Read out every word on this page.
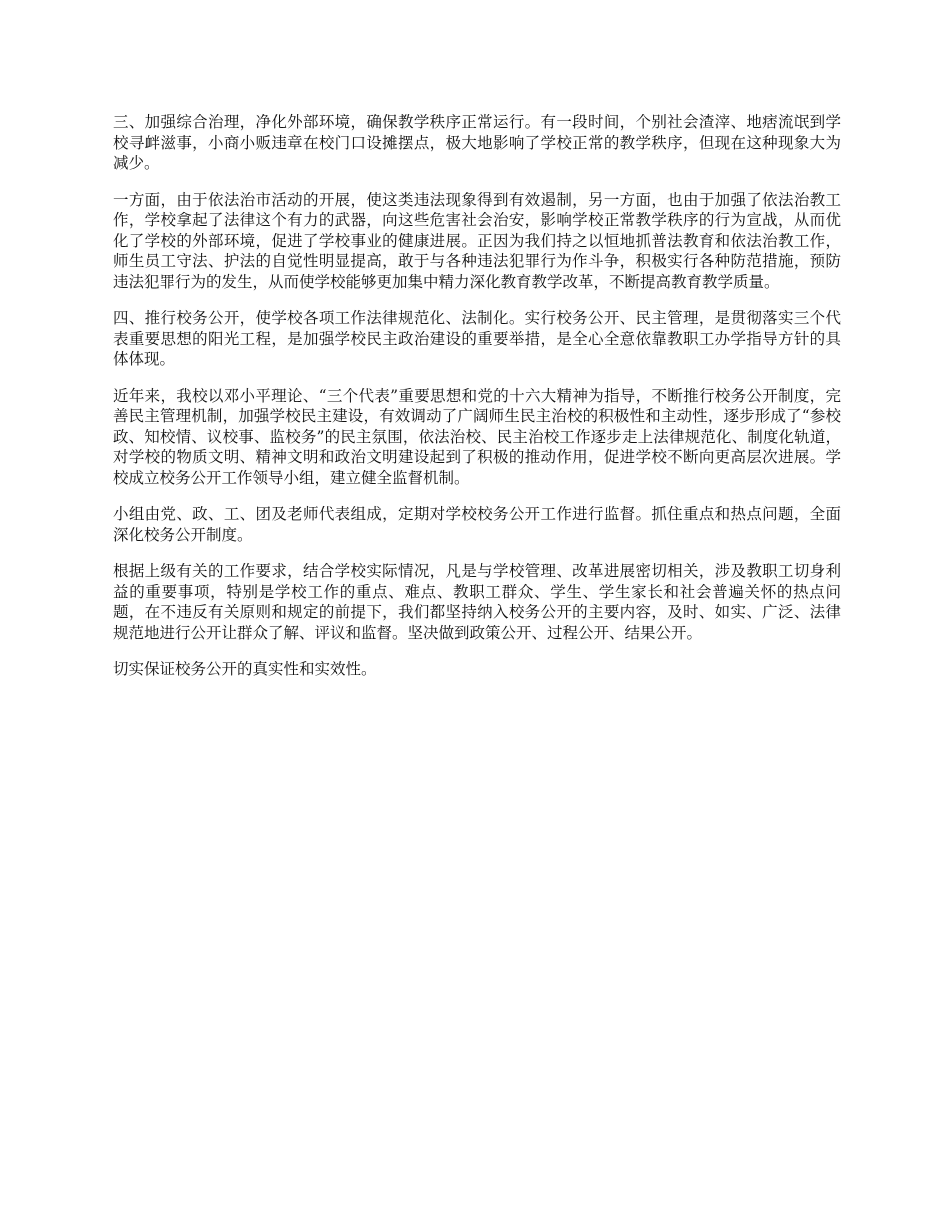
三、加强综合治理，净化外部环境，确保教学秩序正常运行。有一段时间，个别社会渣滓、地痞流氓到学校寻衅滋事，小商小贩违章在校门口设摊摆点，极大地影响了学校正常的教学秩序，但现在这种现象大为减少。

一方面，由于依法治市活动的开展，使这类违法现象得到有效遏制，另一方面，也由于加强了依法治教工作，学校拿起了法律这个有力的武器，向这些危害社会治安，影响学校正常教学秩序的行为宣战，从而优化了学校的外部环境，促进了学校事业的健康进展。正因为我们持之以恒地抓普法教育和依法治教工作，师生员工守法、护法的自觉性明显提高，敢于与各种违法犯罪行为作斗争，积极实行各种防范措施，预防违法犯罪行为的发生，从而使学校能够更加集中精力深化教育教学改革，不断提高教育教学质量。

四、推行校务公开，使学校各项工作法律规范化、法制化。实行校务公开、民主管理，是贯彻落实三个代表重要思想的阳光工程，是加强学校民主政治建设的重要举措，是全心全意依靠教职工办学指导方针的具体体现。

近年来，我校以邓小平理论、“三个代表”重要思想和党的十六大精神为指导，不断推行校务公开制度，完善民主管理机制，加强学校民主建设，有效调动了广阔师生民主治校的积极性和主动性，逐步形成了“参校政、知校情、议校事、监校务”的民主氛围，依法治校、民主治校工作逐步走上法律规范化、制度化轨道，对学校的物质文明、精神文明和政治文明建设起到了积极的推动作用，促进学校不断向更高层次进展。学校成立校务公开工作领导小组，建立健全监督机制。

小组由党、政、工、团及老师代表组成，定期对学校校务公开工作进行监督。抓住重点和热点问题，全面深化校务公开制度。

根据上级有关的工作要求，结合学校实际情况，凡是与学校管理、改革进展密切相关，涉及教职工切身利益的重要事项，特别是学校工作的重点、难点、教职工群众、学生、学生家长和社会普遍关怀的热点问题，在不违反有关原则和规定的前提下，我们都坚持纳入校务公开的主要内容，及时、如实、广泛、法律规范地进行公开让群众了解、评议和监督。坚决做到政策公开、过程公开、结果公开。

切实保证校务公开的真实性和实效性。
